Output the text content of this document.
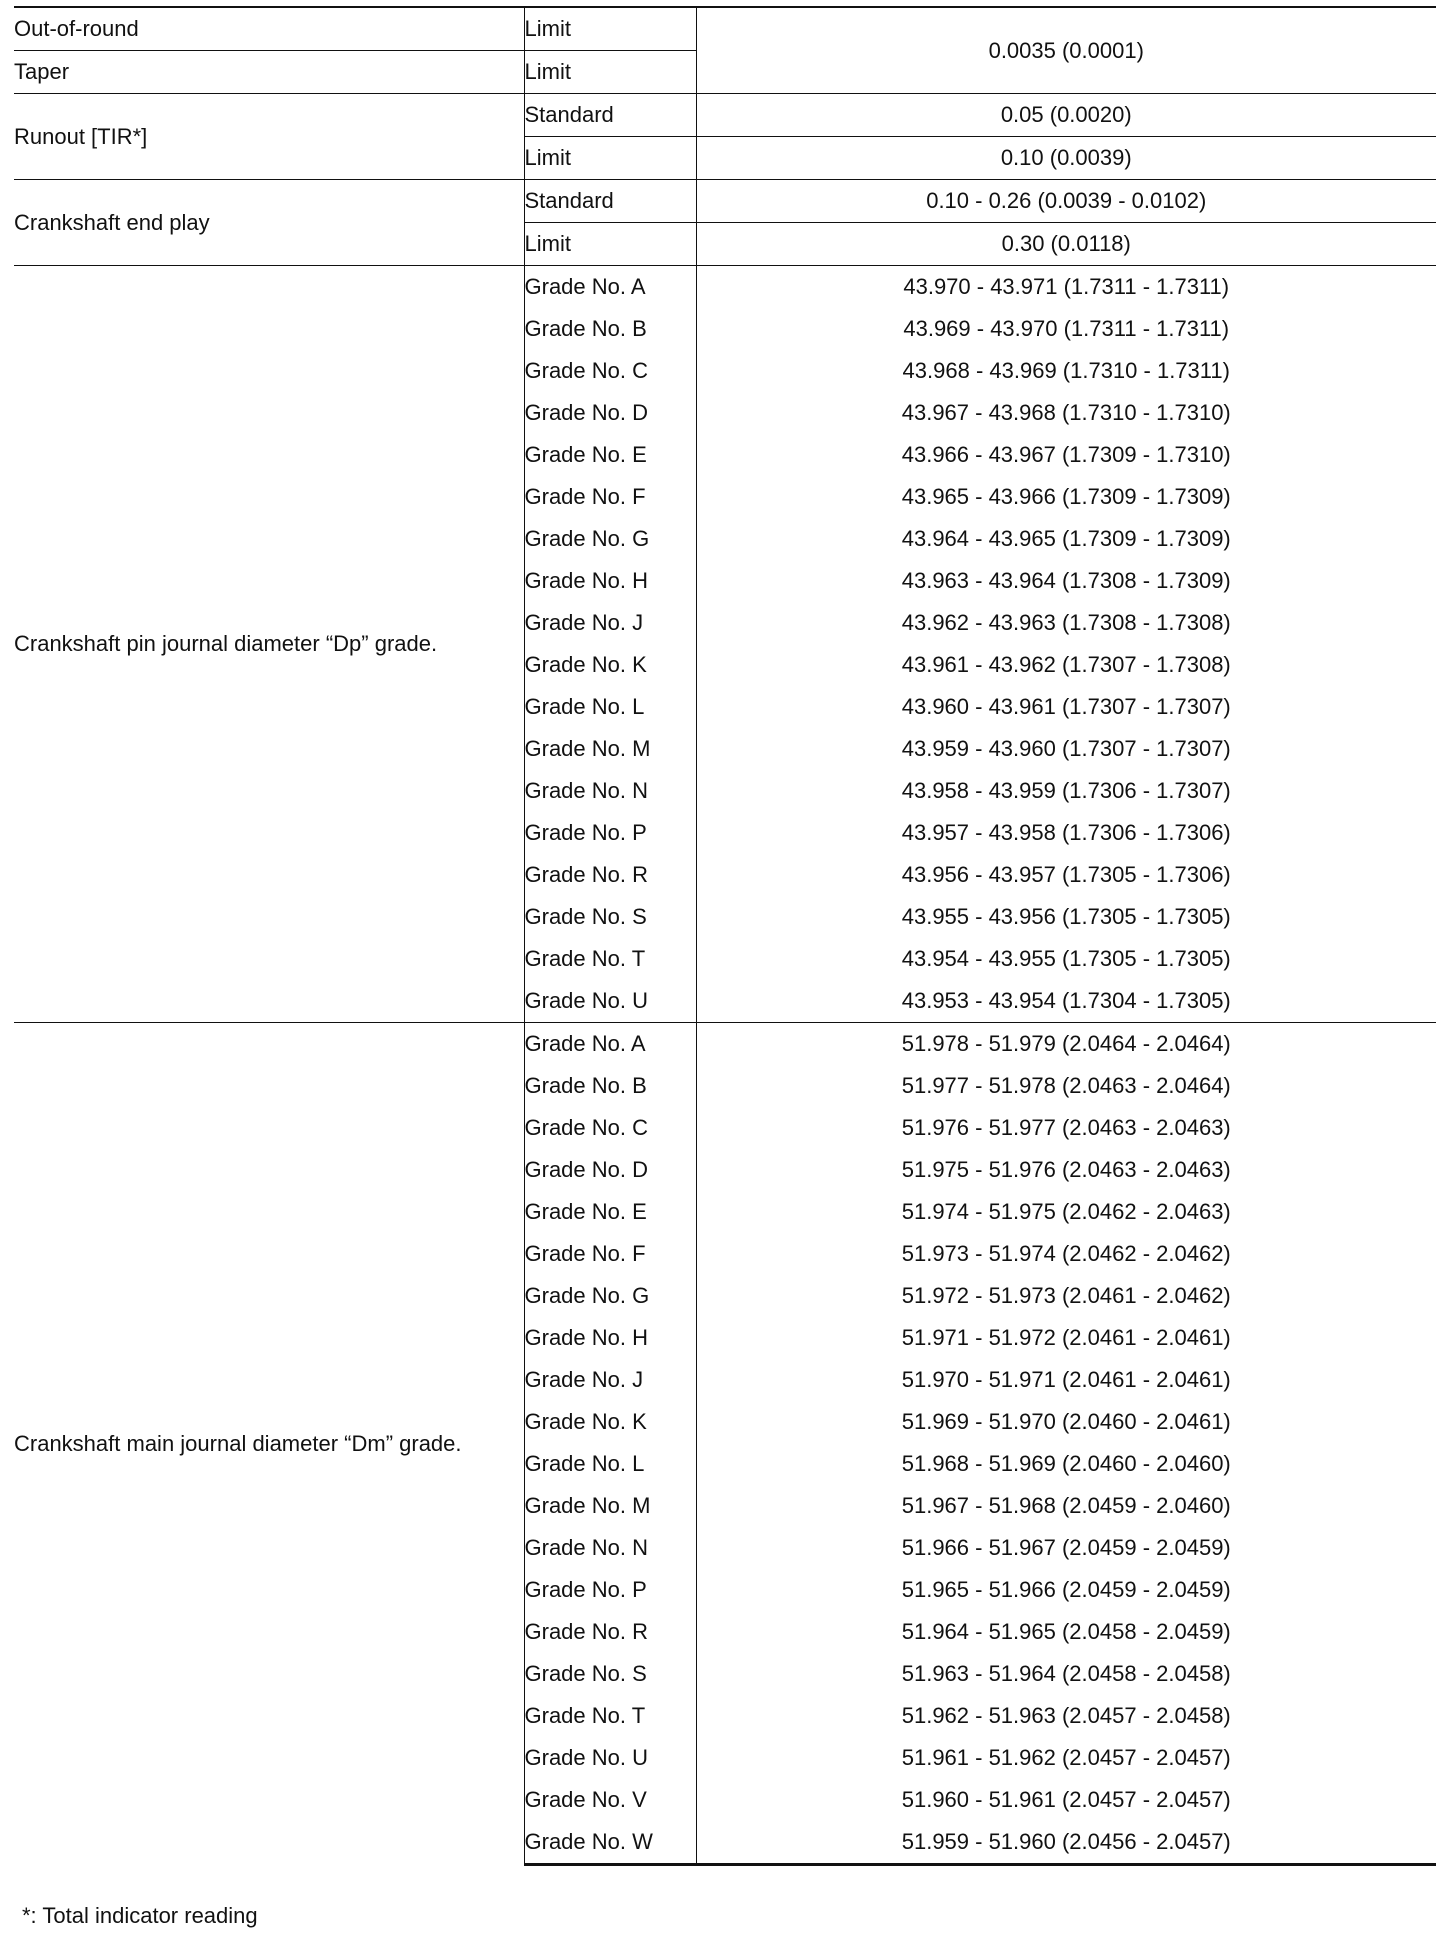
Out-of-round	Limit	0.0035 (0.0001)
Taper	Limit	
Runout [TIR*]	Standard	0.05 (0.0020)
	Limit	0.10 (0.0039)
Crankshaft end play	Standard	0.10 - 0.26 (0.0039 - 0.0102)
	Limit	0.30 (0.0118)
Crankshaft pin journal diameter “Dp” grade.	Grade No. A	43.970 - 43.971 (1.7311 - 1.7311)
	Grade No. B	43.969 - 43.970 (1.7311 - 1.7311)
	Grade No. C	43.968 - 43.969 (1.7310 - 1.7311)
	Grade No. D	43.967 - 43.968 (1.7310 - 1.7310)
	Grade No. E	43.966 - 43.967 (1.7309 - 1.7310)
	Grade No. F	43.965 - 43.966 (1.7309 - 1.7309)
	Grade No. G	43.964 - 43.965 (1.7309 - 1.7309)
	Grade No. H	43.963 - 43.964 (1.7308 - 1.7309)
	Grade No. J	43.962 - 43.963 (1.7308 - 1.7308)
	Grade No. K	43.961 - 43.962 (1.7307 - 1.7308)
	Grade No. L	43.960 - 43.961 (1.7307 - 1.7307)
	Grade No. M	43.959 - 43.960 (1.7307 - 1.7307)
	Grade No. N	43.958 - 43.959 (1.7306 - 1.7307)
	Grade No. P	43.957 - 43.958 (1.7306 - 1.7306)
	Grade No. R	43.956 - 43.957 (1.7305 - 1.7306)
	Grade No. S	43.955 - 43.956 (1.7305 - 1.7305)
	Grade No. T	43.954 - 43.955 (1.7305 - 1.7305)
	Grade No. U	43.953 - 43.954 (1.7304 - 1.7305)
Crankshaft main journal diameter “Dm” grade.	Grade No. A	51.978 - 51.979 (2.0464 - 2.0464)
	Grade No. B	51.977 - 51.978 (2.0463 - 2.0464)
	Grade No. C	51.976 - 51.977 (2.0463 - 2.0463)
	Grade No. D	51.975 - 51.976 (2.0463 - 2.0463)
	Grade No. E	51.974 - 51.975 (2.0462 - 2.0463)
	Grade No. F	51.973 - 51.974 (2.0462 - 2.0462)
	Grade No. G	51.972 - 51.973 (2.0461 - 2.0462)
	Grade No. H	51.971 - 51.972 (2.0461 - 2.0461)
	Grade No. J	51.970 - 51.971 (2.0461 - 2.0461)
	Grade No. K	51.969 - 51.970 (2.0460 - 2.0461)
	Grade No. L	51.968 - 51.969 (2.0460 - 2.0460)
	Grade No. M	51.967 - 51.968 (2.0459 - 2.0460)
	Grade No. N	51.966 - 51.967 (2.0459 - 2.0459)
	Grade No. P	51.965 - 51.966 (2.0459 - 2.0459)
	Grade No. R	51.964 - 51.965 (2.0458 - 2.0459)
	Grade No. S	51.963 - 51.964 (2.0458 - 2.0458)
	Grade No. T	51.962 - 51.963 (2.0457 - 2.0458)
	Grade No. U	51.961 - 51.962 (2.0457 - 2.0457)
	Grade No. V	51.960 - 51.961 (2.0457 - 2.0457)
	Grade No. W	51.959 - 51.960 (2.0456 - 2.0457)
*: Total indicator reading
